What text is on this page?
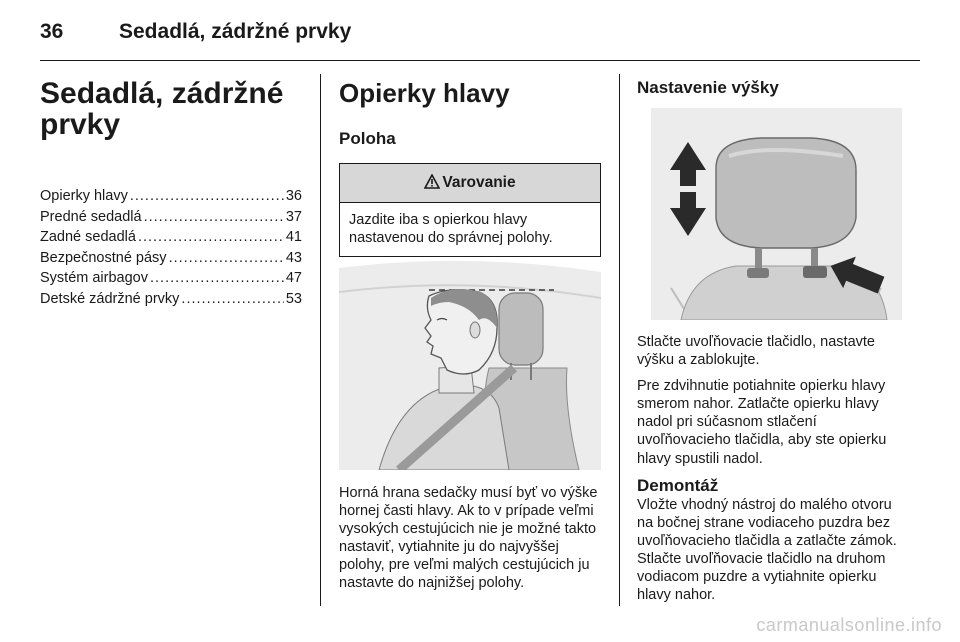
36	Sedadlá, zádržné prvky
Sedadlá, zádržné
prvky
Opierky hlavy .....	36
Predné sedadlá .....	37
Zadné sedadlá .....	41
Bezpečnostné pásy .....	43
Systém airbagov .....	47
Detské zádržné prvky .....	53
Opierky hlavy
Poloha
Varovanie
Jazdite iba s opierkou hlavy nastavenou do správnej polohy.

Horná hrana sedačky musí byť vo výške hornej časti hlavy. Ak to v prípade veľmi vysokých cestujúcich nie je možné takto nastaviť, vytiahnite ju do najvyššej polohy, pre veľmi malých cestujúcich ju nastavte do najnižšej polohy.

Nastavenie výšky

Stlačte uvoľňovacie tlačidlo, nastavte výšku a zablokujte.

Pre zdvihnutie potiahnite opierku hlavy smerom nahor. Zatlačte opierku hlavy nadol pri súčasnom stlačení uvoľňovacieho tlačidla, aby ste opierku hlavy spustili nadol.

Demontáž

Vložte vhodný nástroj do malého otvoru na bočnej strane vodiaceho puzdra bez uvoľňovacieho tlačidla a zatlačte zámok. Stlačte uvoľňovacie tlačidlo na druhom vodiacom puzdre a vytiahnite opierku hlavy nahor.

carmanualsonline.info
